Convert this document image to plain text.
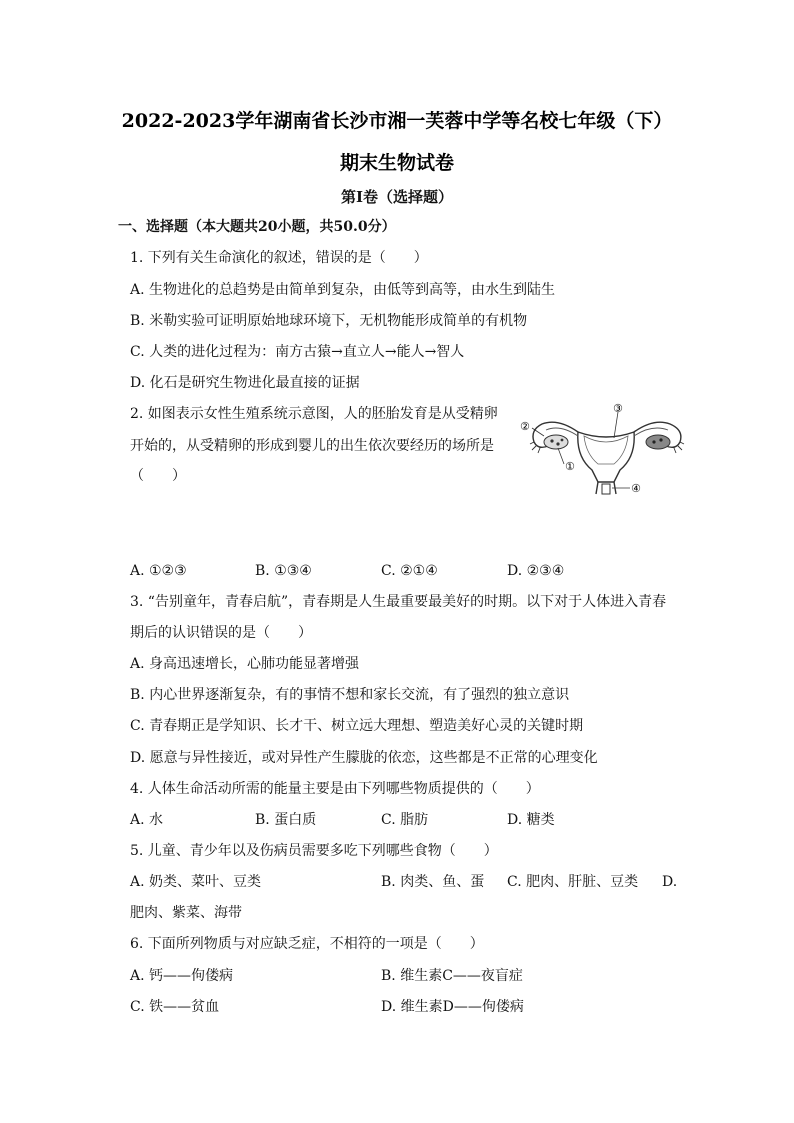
2022-2023学年湖南省长沙市湘一芙蓉中学等名校七年级（下）
期末生物试卷
第I卷（选择题）
一、选择题（本大题共20小题，共50.0分）
1. 下列有关生命演化的叙述，错误的是（　　）
A. 生物进化的总趋势是由简单到复杂，由低等到高等，由水生到陆生
B. 米勒实验可证明原始地球环境下，无机物能形成简单的有机物
C. 人类的进化过程为：南方古猿→直立人→能人→智人
D. 化石是研究生物进化最直接的证据
2. 如图表示女性生殖系统示意图，人的胚胎发育是从受精卵
开始的，从受精卵的形成到婴儿的出生依次要经历的场所是
（　　）
①
②
③
④
A. ①②③	B. ①③④	C. ②①④	D. ②③④
3. “告别童年，青春启航”，青春期是人生最重要最美好的时期。以下对于人体进入青春
期后的认识错误的是（　　）
A. 身高迅速增长，心肺功能显著增强
B. 内心世界逐渐复杂，有的事情不想和家长交流，有了强烈的独立意识
C. 青春期正是学知识、长才干、树立远大理想、塑造美好心灵的关键时期
D. 愿意与异性接近，或对异性产生朦胧的依恋，这些都是不正常的心理变化
4. 人体生命活动所需的能量主要是由下列哪些物质提供的（　　）
A. 水	B. 蛋白质	C. 脂肪	D. 糖类
5. 儿童、青少年以及伤病员需要多吃下列哪些食物（　　）
A. 奶类、菜叶、豆类	B. 肉类、鱼、蛋 C. 肥肉、肝脏、豆类 D.
肥肉、紫菜、海带
6. 下面所列物质与对应缺乏症，不相符的一项是（　　）
A. 钙——佝偻病	B. 维生素C——夜盲症
C. 铁——贫血	D. 维生素D——佝偻病
